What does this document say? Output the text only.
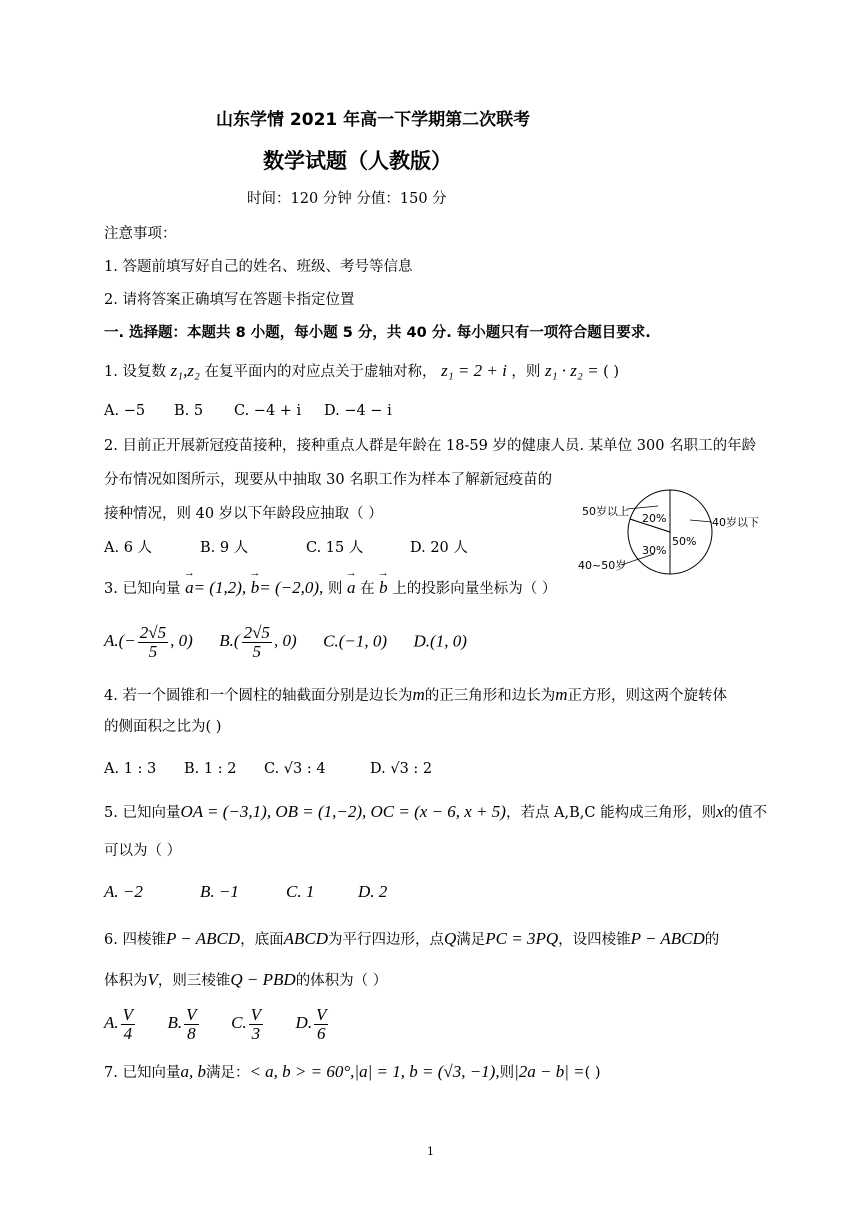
山东学情 2021 年高一下学期第二次联考
数学试题（人教版）
时间：120 分钟 分值：150 分
注意事项：
1. 答题前填写好自己的姓名、班级、考号等信息
2. 请将答案正确填写在答题卡指定位置
一. 选择题：本题共 8 小题，每小题 5 分，共 40 分. 每小题只有一项符合题目要求.
1. 设复数 z₁,z₂ 在复平面内的对应点关于虚轴对称， z₁ = 2 + i ，则 z₁ · z₂ = ( )
A. −5 B. 5 C. −4 + i D. −4 − i
2. 目前正开展新冠疫苗接种，接种重点人群是年龄在 18-59 岁的健康人员. 某单位 300 名职工的年龄
分布情况如图所示，现要从中抽取 30 名职工作为样本了解新冠疫苗的
接种情况，则 40 岁以下年龄段应抽取（ ）
A. 6 人	B. 9 人	C. 15 人	D. 20 人
50岁以上
40岁以下
40~50岁
20%
50%
30%
3. 已知向量 → a= (1,2), → b= (−2,0), 则 → a 在 → b 上的投影向量坐标为（ ）
$A.(- \frac{2√5}{5}$ , 0) $B.( \frac{2√5}{5}$ , 0) C.(−1, 0) D.(1, 0)
4. 若一个圆锥和一个圆柱的轴截面分别是边长为m的正三角形和边长为m正方形，则这两个旋转体
的侧面积之比为( )
A. 1 : 3 B. 1 : 2 C. √3 : 4	D. √3 : 2
5. 已知向量OA = (−3,1), OB = (1,−2), OC = (x − 6, x + 5)，若点 A,B,C 能构成三角形，则x的值不
可以为（ ）
A. −2	B. −1	C. 1	D. 2
6. 四棱锥P − ABCD，底面ABCD为平行四边形，点Q满足PC = 3PQ，设四棱锥P − ABCD的
体积为V，则三棱锥Q − PBD的体积为（ ）
A. $\frac{V}{4} B$. $\frac{V}{8} C$. $\frac{V}{3} D$. $\frac{V}{6}$
7. 已知向量a, b满足：< a, b > = 60°,|a| = 1, b = (√3, −1),则|2a − b| =( )
1
